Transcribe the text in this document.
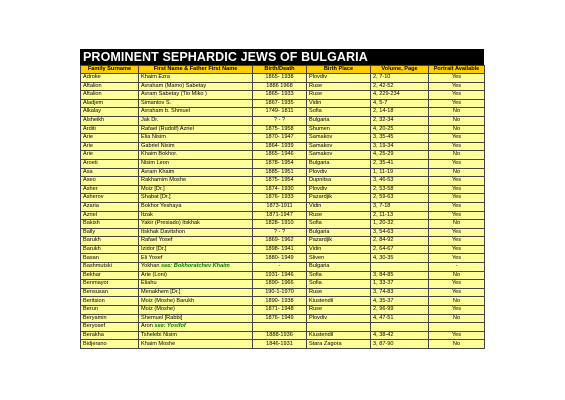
PROMINENT SEPHARDIC JEWS OF BULGARIA
Family Surname	First Name & Father First Name	Birth/Death	Birth Place	Volume, Page	Portrait Available
Adroke	Khaim Ezra	1865- 1938	Plovdiv	2, 7-10	Yes
Aftalion	Avraham (Mamo) Sabetay	1886 1968	Ruse	2, 42-52	Yes
Aftalion	Avram Sabetay (Tio Miko )	1865- 1933	Ruse	4, 229-234	Yes
Aladjem	Simantov S.	1867- 1935	Vidin	4, 5-7	Yes
Alkalay	Avraham b. Shmuel	1749- 1811	Sofia	2, 14-18	No
Alsheikh	Jak Dr.	? - ?	Bulgaria	2, 32-34	No
Arditi	Rafael (Rudolf) Azriel	1875- 1958	Shumen	4, 20-25	No
Arie	Elia Nisim	1870- 1947	Samakov	3, 35-45	Yes
Arie	Gabriel Nisim	1864- 1939	Samakov	3, 19-34	Yes
Arie	Khaim Bokhor.	1865- 1946	Samakov	4, 25-29	No
Aroeti	Nisim Leon	1878- 1954	Bulgaria	2, 35-41	Yes
Asa	Avram Khaim	1885- 1951	Plovdiv	1, 11-19	No
Aseo	Rakhamim Moshe	1875- 1954	Dupnitsa	3, 46-53	Yes
Asher	Moiz [Dr.]	1874- 1930	Plovdiv	2, 53-58	Yes
Asherov	Shabat [Dr.]	1876- 1933	Pazardjik	2, 59-63	Yes
Azaria	Bokhor Yeshaya	1873-1911	Vidin	3, 7-18	Yes
Azriel	Itzak	1871-1947	Ruse	2, 11-13	Yes
Bakish	Yakir (Presiado) Itskhak	1828- 1910	Sofia	1, 20-32	No
Bally	Itskhak Davitshon	? - ?	Bulgaria	3, 54-63	Yes
Barukh	Rafael Yosef	1869- 1962	Pazardjik	2, 84-92	Yes
Barukh	Izidor [Dr.]	1898- 1941	Vidin	2, 64-67	Yes
Basan	Eli Yosef	1880- 1949	Sliven	4, 30-35	Yes
Bashmutski	Yokhan see: Bokhoratchev Khaim	-	Bulgaria		-
Bekhar	Arie (Loni)	1931- 1946	Sofia	3, 84-85	No
Benmayor	Eliahu	1890- 1966	Sofia	1, 33-37	Yes
Bensusan	Menakhem [Dr.]	190-1-1970	Ruse	3, 74-83	Yes
Beritsion	Moiz (Moshe) Barukh	1890- 1938	Kiustendil	4, 35-37	No
Berun	Moiz (Moshe)	1871- 1948	Ruse	2, 96-99	Yes
Beryamin	Shemuel [Rabbi]	1876- 1949	Plovdiv	4, 47-51	No
Beryosef	Aron see: Yosifof				
Berakha	Tshelebi Nisim	1888-1936	Kiustendil	4, 38-42	Yes
Bidjerano	Khaim Moshe	1846-1931	Stara Zagora	3, 87-90	No
